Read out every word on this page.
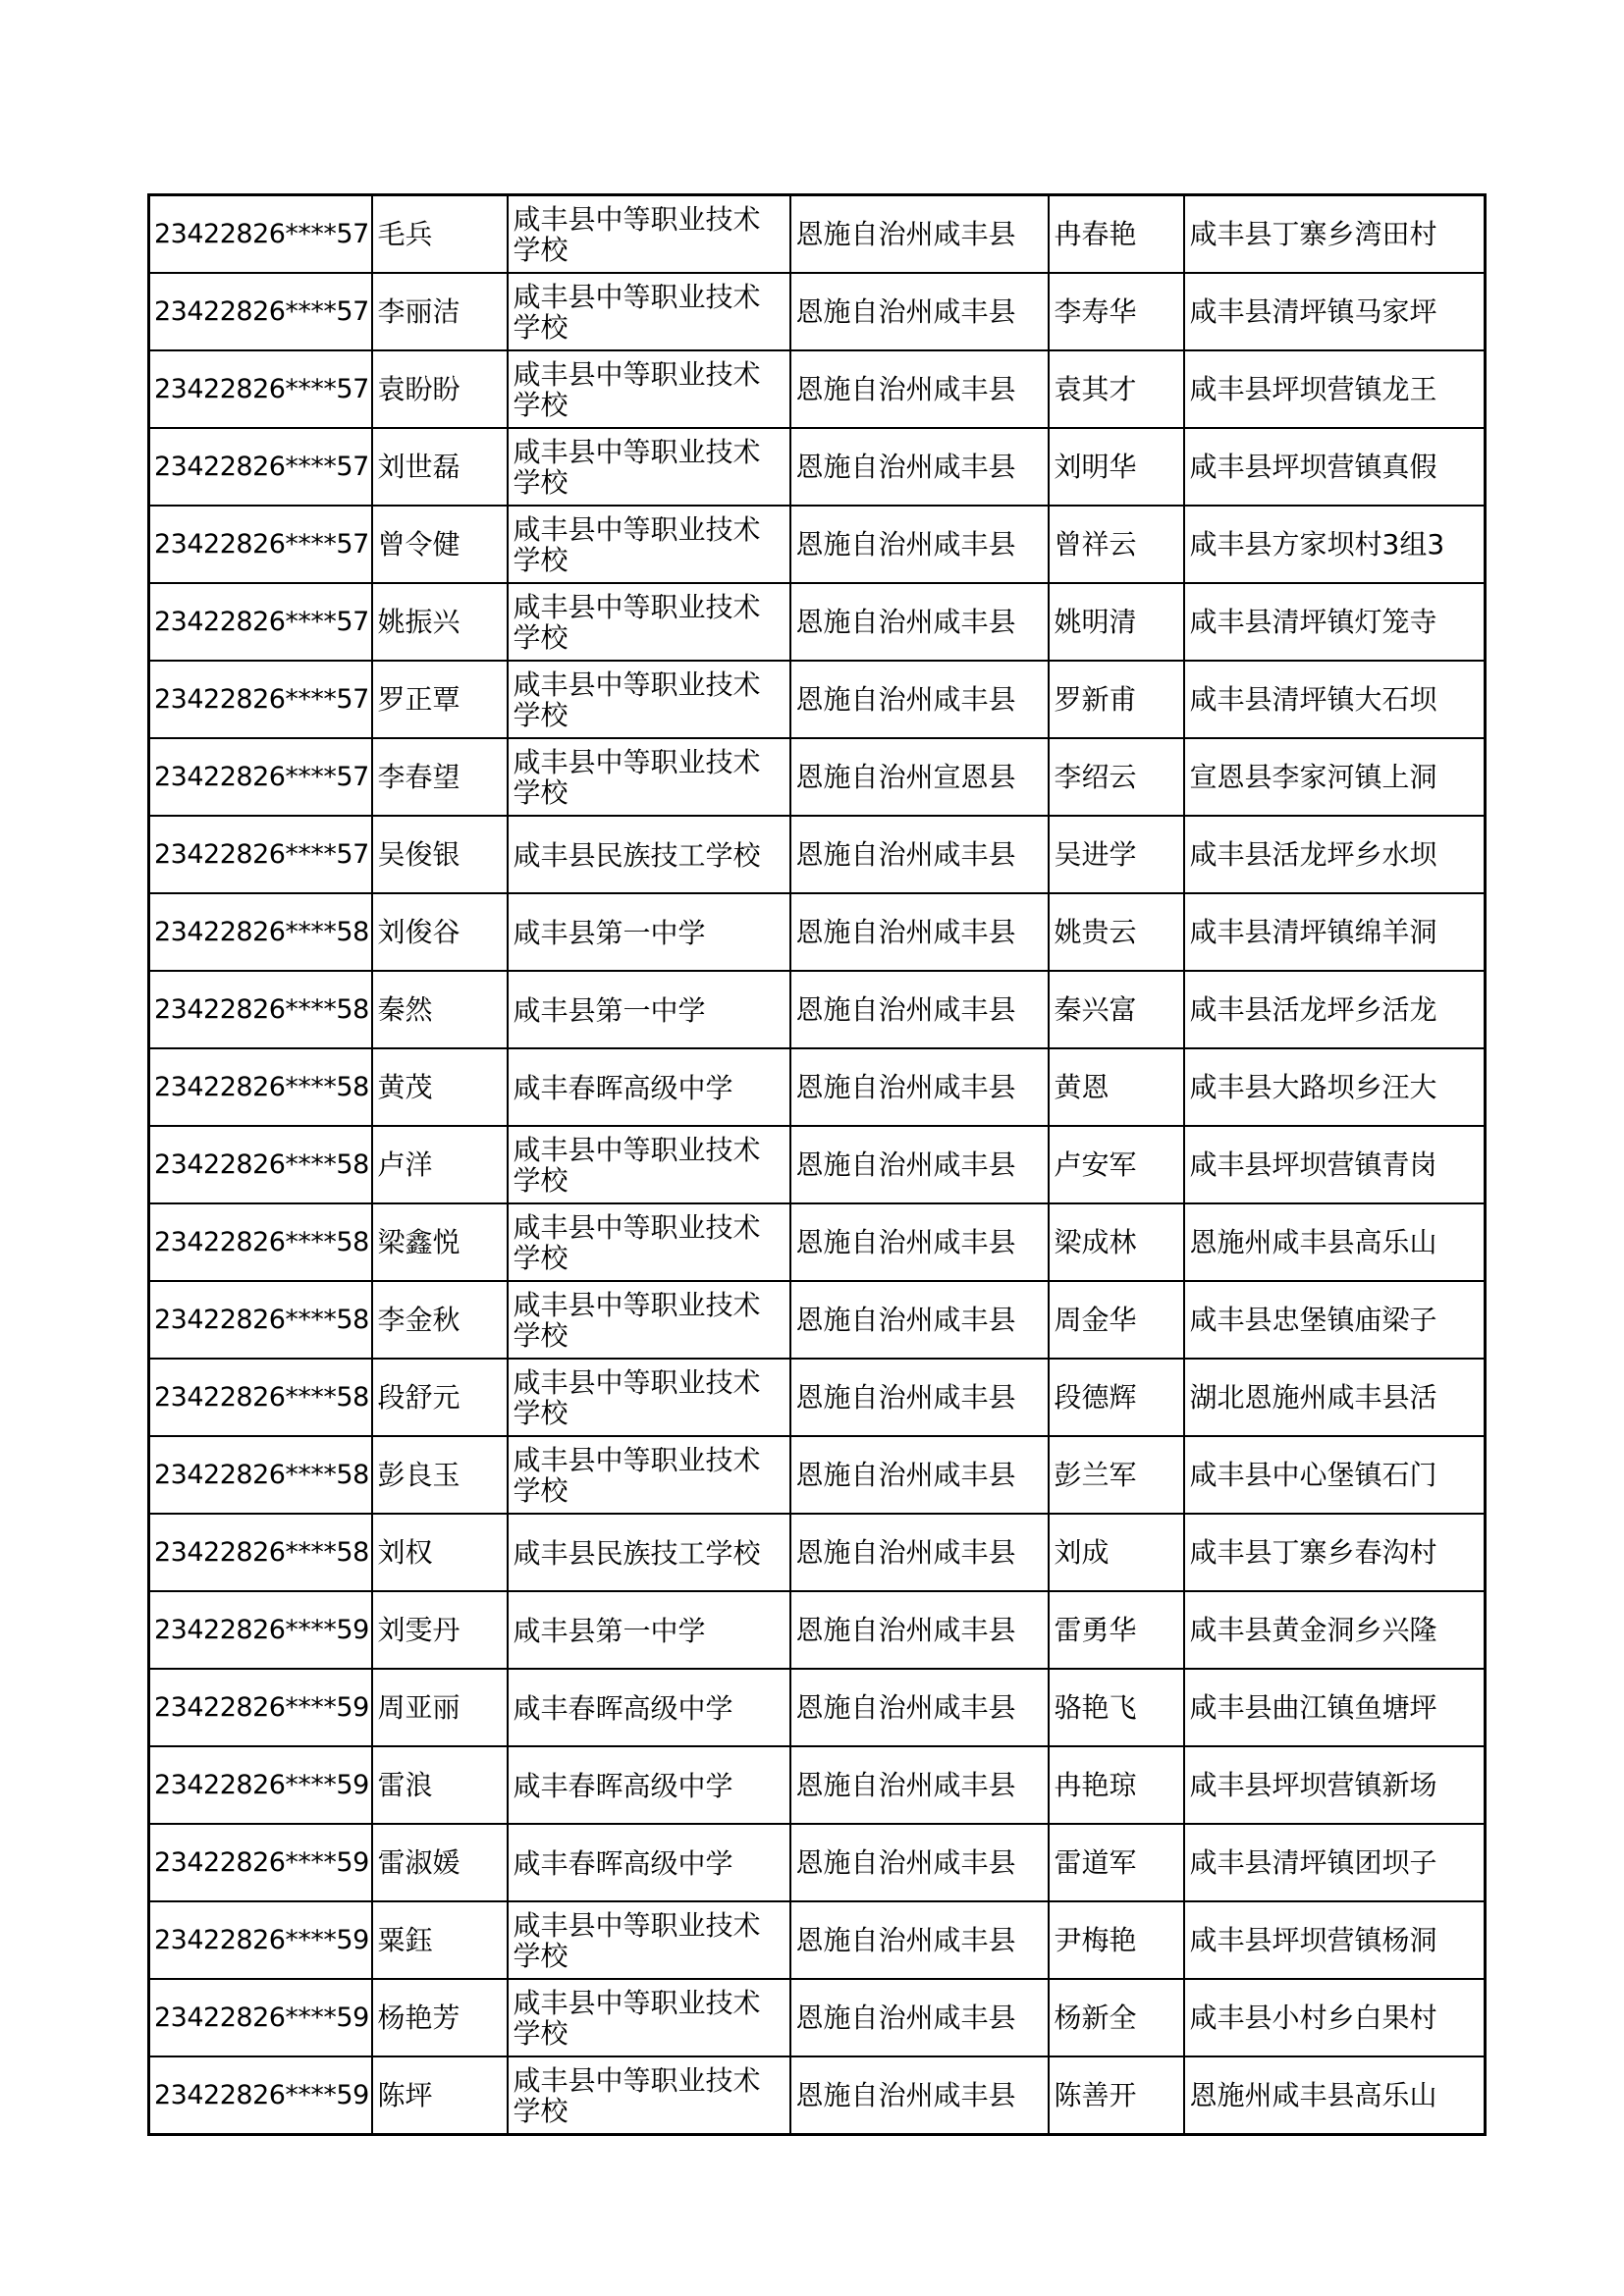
23422826****57	毛兵	咸丰县中等职业技术学校	恩施自治州咸丰县	冉春艳	咸丰县丁寨乡湾田村
23422826****57	李丽洁	咸丰县中等职业技术学校	恩施自治州咸丰县	李寿华	咸丰县清坪镇马家坪
23422826****57	袁盼盼	咸丰县中等职业技术学校	恩施自治州咸丰县	袁其才	咸丰县坪坝营镇龙王
23422826****57	刘世磊	咸丰县中等职业技术学校	恩施自治州咸丰县	刘明华	咸丰县坪坝营镇真假
23422826****57	曾令健	咸丰县中等职业技术学校	恩施自治州咸丰县	曾祥云	咸丰县方家坝村3组3
23422826****57	姚振兴	咸丰县中等职业技术学校	恩施自治州咸丰县	姚明清	咸丰县清坪镇灯笼寺
23422826****57	罗正覃	咸丰县中等职业技术学校	恩施自治州咸丰县	罗新甫	咸丰县清坪镇大石坝
23422826****57	李春望	咸丰县中等职业技术学校	恩施自治州宣恩县	李绍云	宣恩县李家河镇上洞
23422826****57	吴俊银	咸丰县民族技工学校	恩施自治州咸丰县	吴进学	咸丰县活龙坪乡水坝
23422826****58	刘俊谷	咸丰县第一中学	恩施自治州咸丰县	姚贵云	咸丰县清坪镇绵羊洞
23422826****58	秦然	咸丰县第一中学	恩施自治州咸丰县	秦兴富	咸丰县活龙坪乡活龙
23422826****58	黄茂	咸丰春晖高级中学	恩施自治州咸丰县	黄恩	咸丰县大路坝乡汪大
23422826****58	卢洋	咸丰县中等职业技术学校	恩施自治州咸丰县	卢安军	咸丰县坪坝营镇青岗
23422826****58	梁鑫悦	咸丰县中等职业技术学校	恩施自治州咸丰县	梁成林	恩施州咸丰县高乐山
23422826****58	李金秋	咸丰县中等职业技术学校	恩施自治州咸丰县	周金华	咸丰县忠堡镇庙梁子
23422826****58	段舒元	咸丰县中等职业技术学校	恩施自治州咸丰县	段德辉	湖北恩施州咸丰县活
23422826****58	彭良玉	咸丰县中等职业技术学校	恩施自治州咸丰县	彭兰军	咸丰县中心堡镇石门
23422826****58	刘权	咸丰县民族技工学校	恩施自治州咸丰县	刘成	咸丰县丁寨乡春沟村
23422826****59	刘雯丹	咸丰县第一中学	恩施自治州咸丰县	雷勇华	咸丰县黄金洞乡兴隆
23422826****59	周亚丽	咸丰春晖高级中学	恩施自治州咸丰县	骆艳飞	咸丰县曲江镇鱼塘坪
23422826****59	雷浪	咸丰春晖高级中学	恩施自治州咸丰县	冉艳琼	咸丰县坪坝营镇新场
23422826****59	雷淑媛	咸丰春晖高级中学	恩施自治州咸丰县	雷道军	咸丰县清坪镇团坝子
23422826****59	粟鈺	咸丰县中等职业技术学校	恩施自治州咸丰县	尹梅艳	咸丰县坪坝营镇杨洞
23422826****59	杨艳芳	咸丰县中等职业技术学校	恩施自治州咸丰县	杨新全	咸丰县小村乡白果村
23422826****59	陈坪	咸丰县中等职业技术学校	恩施自治州咸丰县	陈善开	恩施州咸丰县高乐山
